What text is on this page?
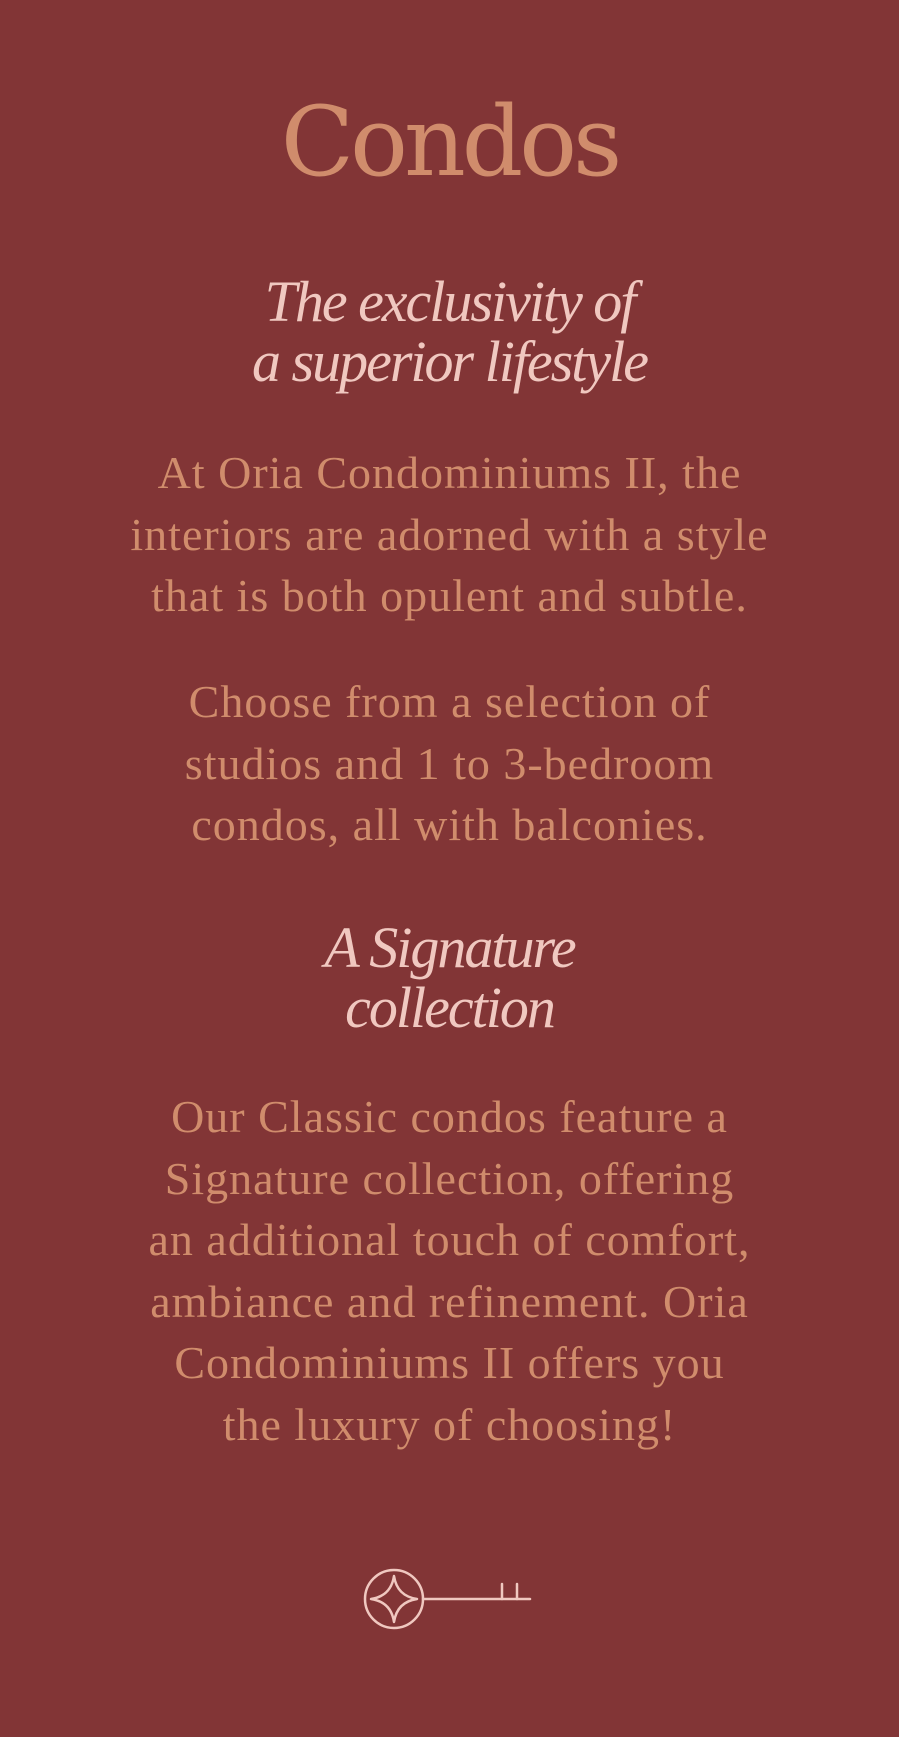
Condos
The exclusivity of
a superior lifestyle

At Oria Condominiums II, the
interiors are adorned with a style
that is both opulent and subtle.

Choose from a selection of
studios and 1 to 3-bedroom
condos, all with balconies.

A Signature
collection

Our Classic condos feature a
Signature collection, offering
an additional touch of comfort,
ambiance and refinement. Oria
Condominiums II offers you
the luxury of choosing!
